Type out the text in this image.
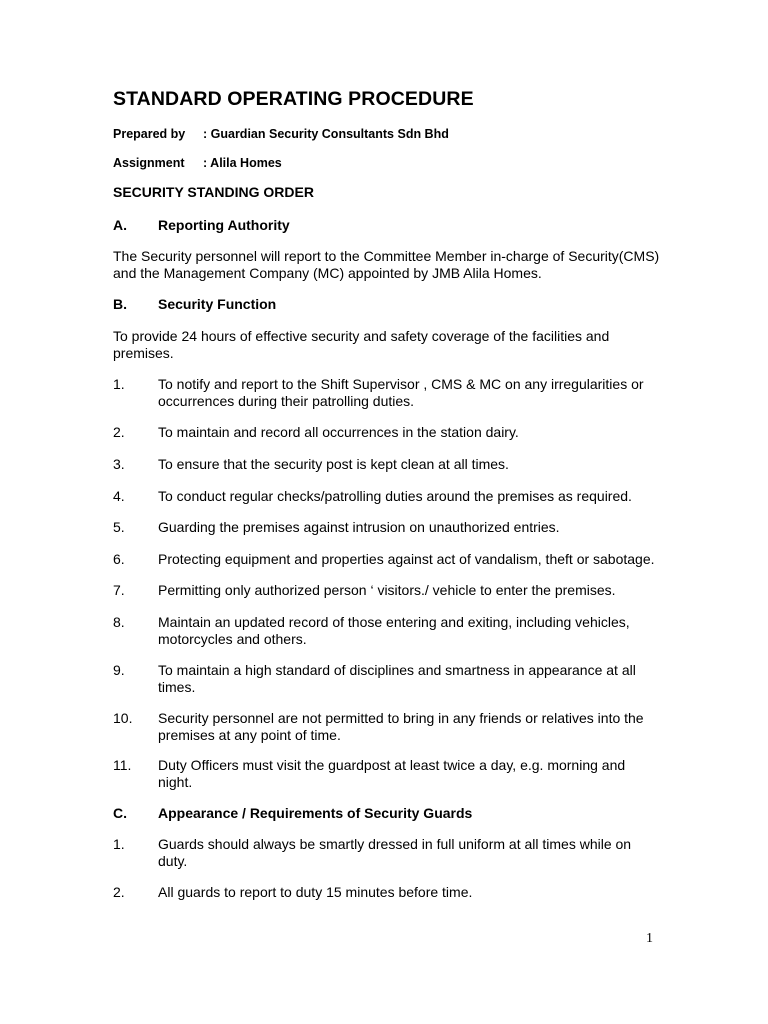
STANDARD OPERATING PROCEDURE
Prepared by : Guardian Security Consultants Sdn Bhd
Assignment : Alila Homes
SECURITY STANDING ORDER
A. Reporting Authority
The Security personnel will report to the Committee Member in-charge of Security(CMS) and the Management Company (MC) appointed by JMB Alila Homes.
B. Security Function
To provide 24 hours of effective security and safety coverage of the facilities and premises.
1. To notify and report to the Shift Supervisor , CMS & MC on any irregularities or occurrences during their patrolling duties.
2. To maintain and record all occurrences in the station dairy.
3. To ensure that the security post is kept clean at all times.
4. To conduct regular checks/patrolling duties around the premises as required.
5. Guarding the premises against intrusion on unauthorized entries.
6. Protecting equipment and properties against act of vandalism, theft or sabotage.
7. Permitting only authorized person ‘ visitors./ vehicle to enter the premises.
8. Maintain an updated record of those entering and exiting, including vehicles, motorcycles and others.
9. To maintain a high standard of disciplines and smartness in appearance at all times.
10. Security personnel are not permitted to bring in any friends or relatives into the premises at any point of time.
11. Duty Officers must visit the guardpost at least twice a day, e.g. morning and night.
C. Appearance / Requirements of Security Guards
1. Guards should always be smartly dressed in full uniform at all times while on duty.
2. All guards to report to duty 15 minutes before time.
1
